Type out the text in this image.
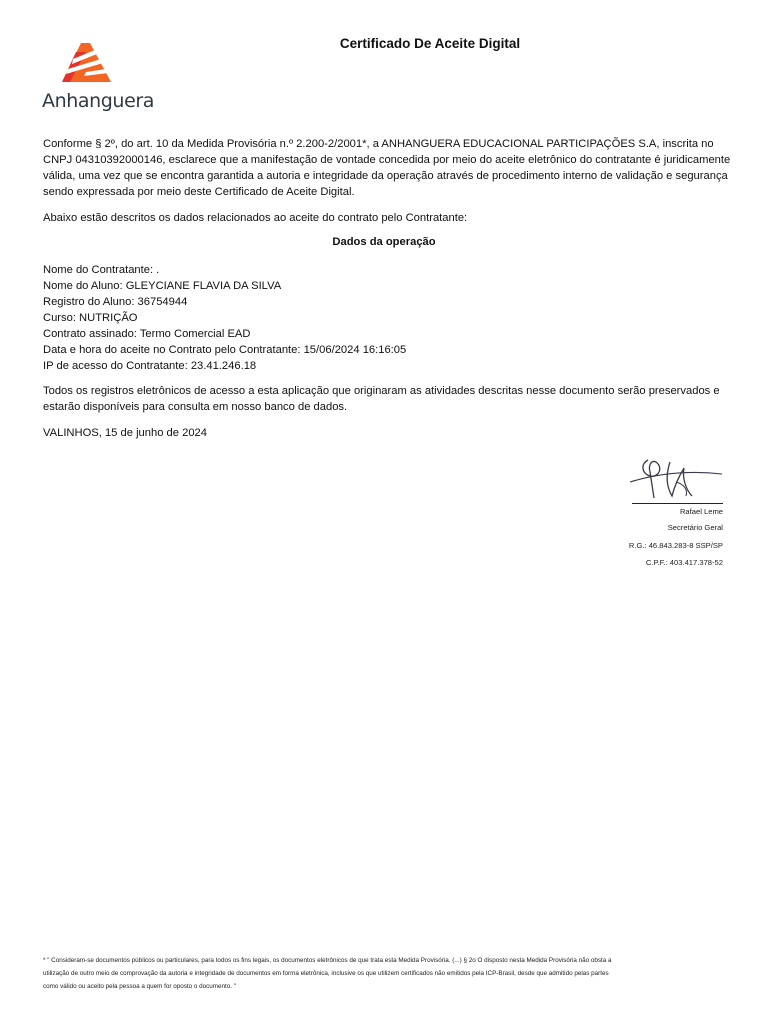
Anhanguera
Certificado De Aceite Digital
Conforme § 2º, do art. 10 da Medida Provisória n.º 2.200-2/2001*, a ANHANGUERA EDUCACIONAL PARTICIPAÇÕES S.A, inscrita no CNPJ 04310392000146, esclarece que a manifestação de vontade concedida por meio do aceite eletrônico do contratante é juridicamente válida, uma vez que se encontra garantida a autoria e integridade da operação através de procedimento interno de validação e segurança sendo expressada por meio deste Certificado de Aceite Digital.
Abaixo estão descritos os dados relacionados ao aceite do contrato pelo Contratante:
Dados da operação
Nome do Contratante: .
Nome do Aluno: GLEYCIANE FLAVIA DA SILVA
Registro do Aluno: 36754944
Curso: NUTRIÇÃO
Contrato assinado: Termo Comercial EAD
Data e hora do aceite no Contrato pelo Contratante: 15/06/2024 16:16:05
IP de acesso do Contratante: 23.41.246.18
Todos os registros eletrônicos de acesso a esta aplicação que originaram as atividades descritas nesse documento serão preservados e estarão disponíveis para consulta em nosso banco de dados.
VALINHOS, 15 de junho de 2024
Rafael Leme
Secretário Geral
R.G.: 46.843.283-8 SSP/SP
C.P.F.: 403.417.378-52
* " Consideram-se documentos públicos ou particulares, para todos os fins legais, os documentos eletrônicos de que trata esta Medida Provisória. (...) § 2o O disposto nesta Medida Provisória não obsta a
utilização de outro meio de comprovação da autoria e integridade de documentos em forma eletrônica, inclusive os que utilizem certificados não emitidos pela ICP-Brasil, desde que admitido pelas partes
como válido ou aceito pela pessoa a quem for oposto o documento. "
